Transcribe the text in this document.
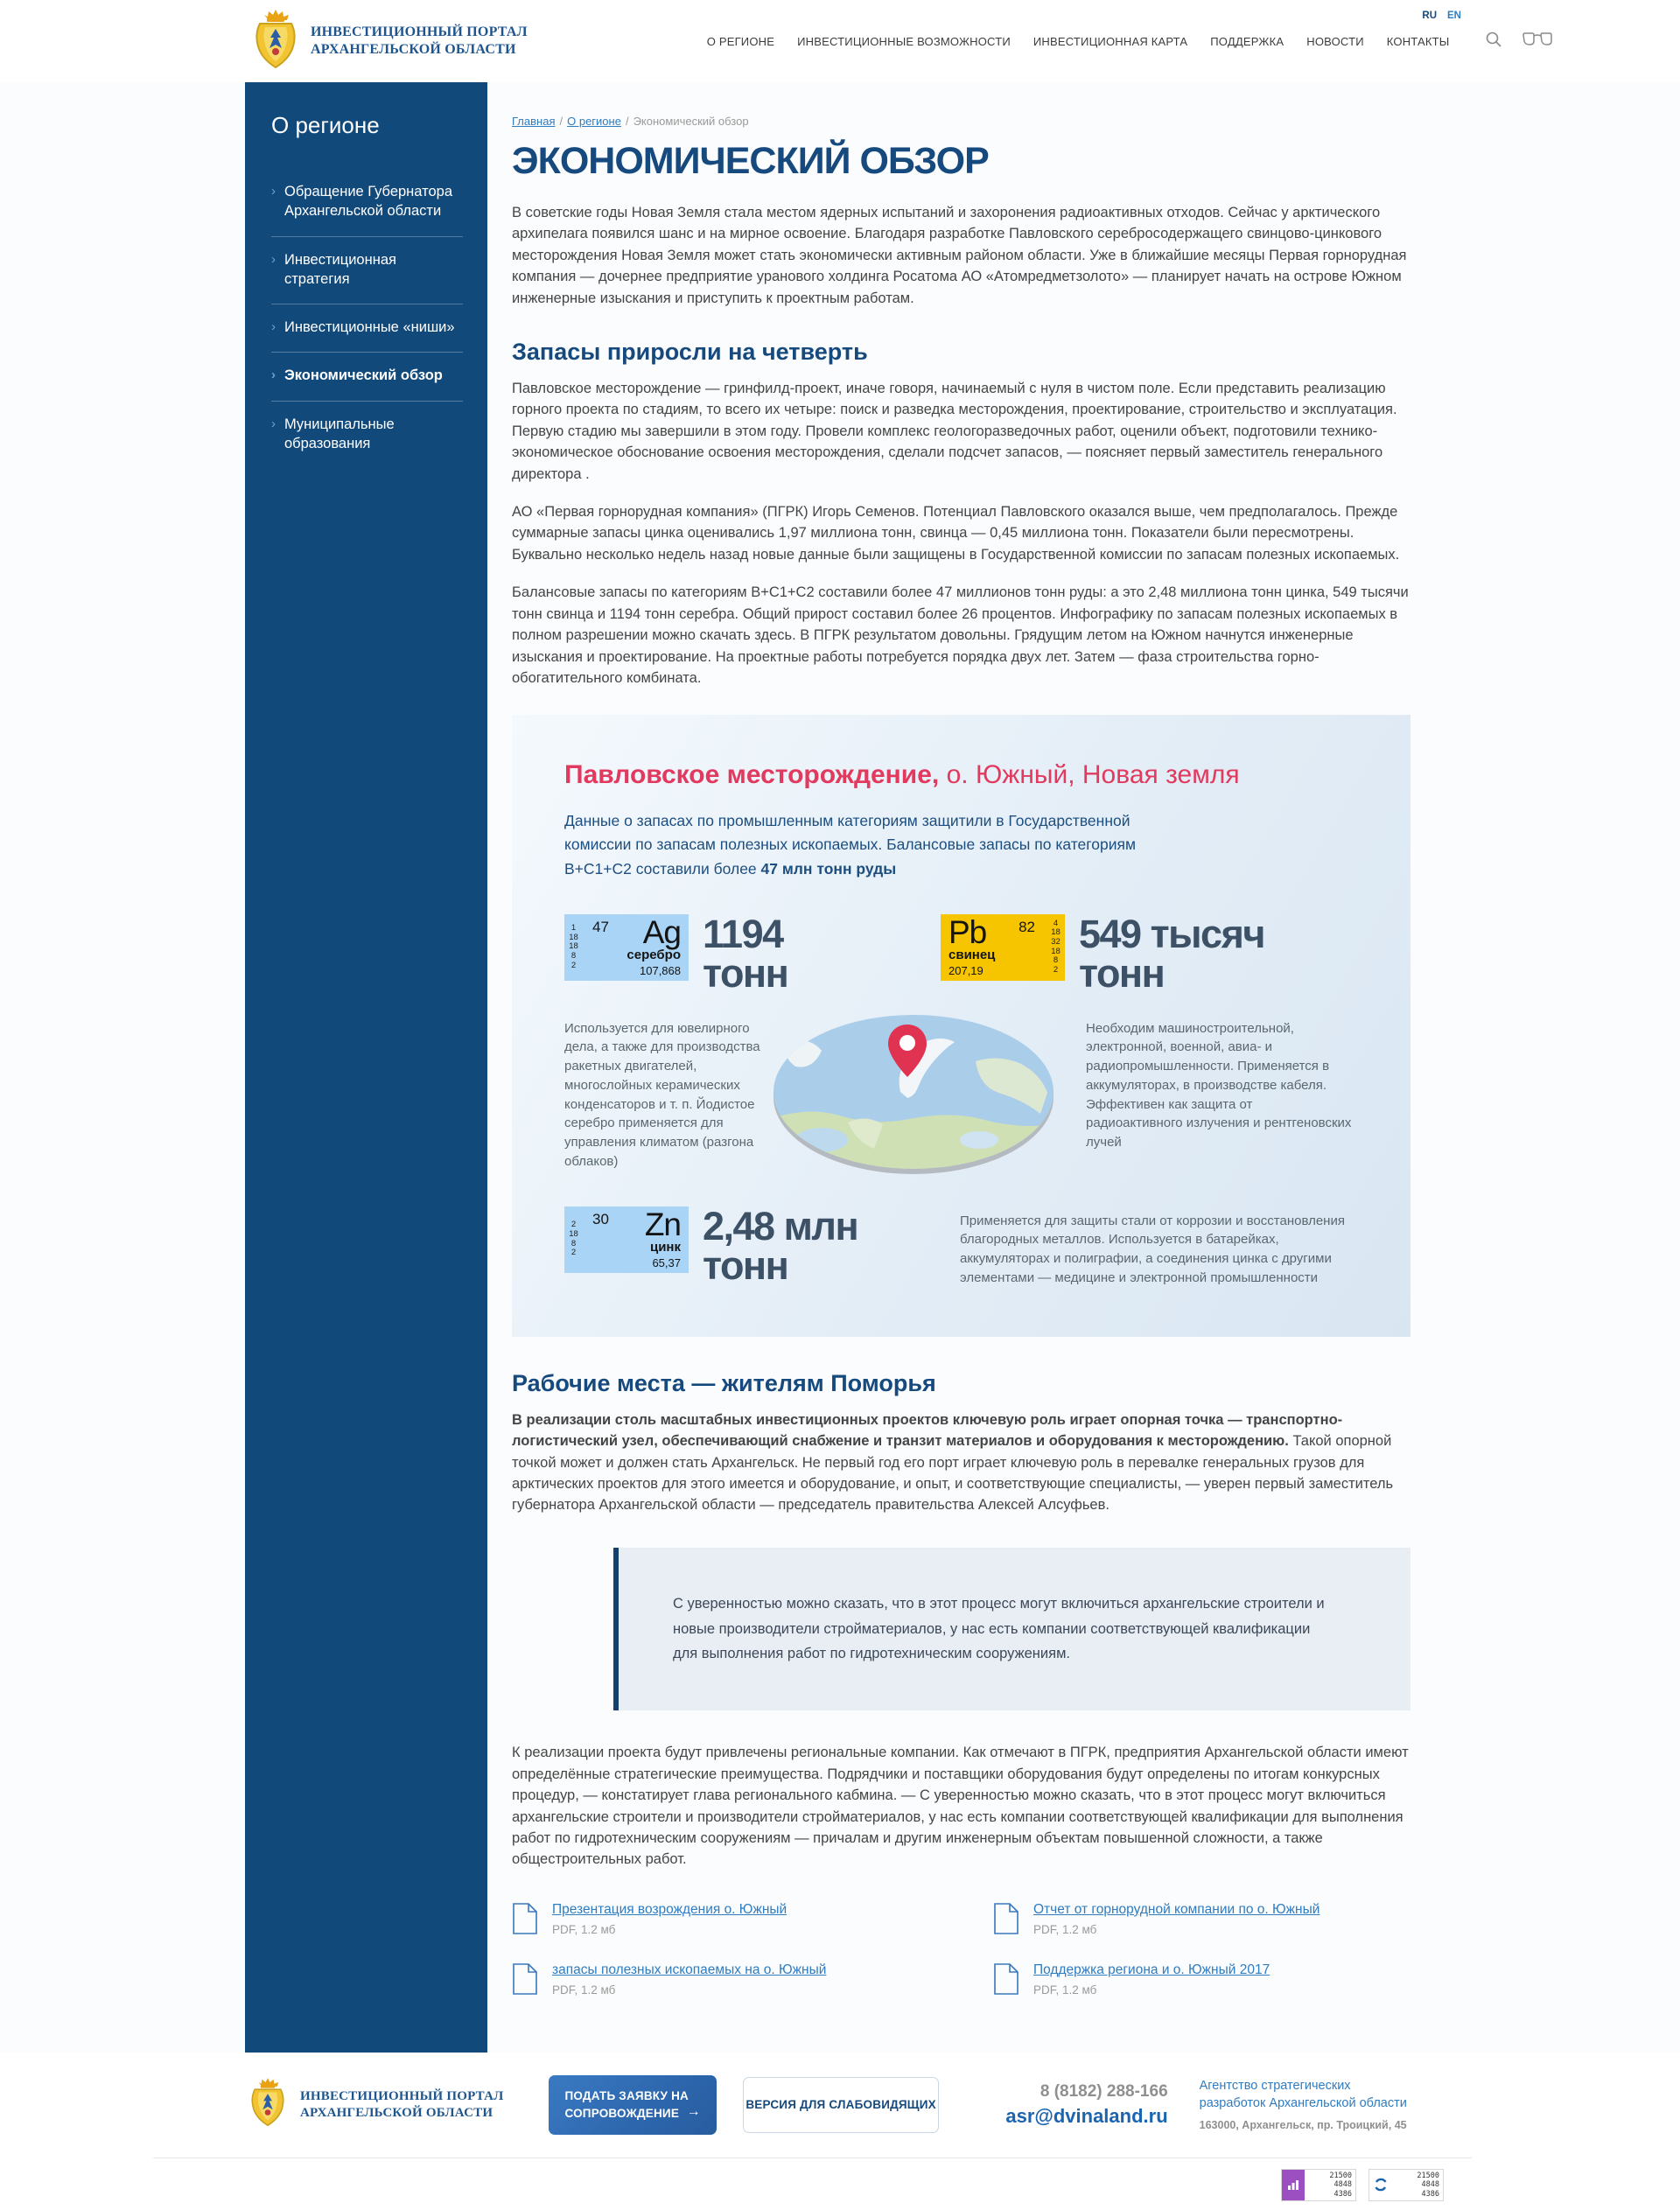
ИНВЕСТИЦИОННЫЙ ПОРТАЛ
АРХАНГЕЛЬСКОЙ ОБЛАСТИ
RU EN
О РЕГИОНЕ ИНВЕСТИЦИОННЫЕ ВОЗМОЖНОСТИ ИНВЕСТИЦИОННАЯ КАРТА ПОДДЕРЖКА НОВОСТИ КОНТАКТЫ
О регионе
› Обращение Губернатора Архангельской области
› Инвестиционная стратегия
› Инвестиционные «ниши»
› Экономический обзор
› Муниципальные образования
Главная / О регионе / Экономический обзор
ЭКОНОМИЧЕСКИЙ ОБЗОР

В советские годы Новая Земля стала местом ядерных испытаний и захоронения радиоактивных отходов. Сейчас у арктического архипелага появился шанс и на мирное освоение. Благодаря разработке Павловского серебросодержащего свинцово-цинкового месторождения Новая Земля может стать экономически активным районом области. Уже в ближайшие месяцы Первая горнорудная компания — дочернее предприятие уранового холдинга Росатома АО «Атомредметзолото» — планирует начать на острове Южном инженерные изыскания и приступить к проектным работам.

Запасы приросли на четверть

Павловское месторождение — гринфилд-проект, иначе говоря, начинаемый с нуля в чистом поле. Если представить реализацию горного проекта по стадиям, то всего их четыре: поиск и разведка месторождения, проектирование, строительство и эксплуатация. Первую стадию мы завершили в этом году. Провели комплекс геологоразведочных работ, оценили объект, подготовили технико-экономическое обоснование освоения месторождения, сделали подсчет запасов, — поясняет первый заместитель генерального директора .

АО «Первая горнорудная компания» (ПГРК) Игорь Семенов. Потенциал Павловского оказался выше, чем предполагалось. Прежде суммарные запасы цинка оценивались 1,97 миллиона тонн, свинца — 0,45 миллиона тонн. Показатели были пересмотрены. Буквально несколько недель назад новые данные были защищены в Государственной комиссии по запасам полезных ископаемых.

Балансовые запасы по категориям В+С1+С2 составили более 47 миллионов тонн руды: а это 2,48 миллиона тонн цинка, 549 тысячи тонн свинца и 1194 тонн серебра. Общий прирост составил более 26 процентов. Инфографику по запасам полезных ископаемых в полном разрешении можно скачать здесь. В ПГРК результатом довольны. Грядущим летом на Южном начнутся инженерные изыскания и проектирование. На проектные работы потребуется порядка двух лет. Затем — фаза строительства горно-обогатительного комбината.

Павловское месторождение, о. Южный, Новая земля
Данные о запасах по промышленным категориям защитили в Государственной комиссии по запасам полезных ископаемых. Балансовые запасы по категориям В+С1+С2 составили более 47 млн тонн руды
1
18
18
8
2
47 Ag
серебро
107,868
1194
тонн
4
18
32
18
8
2
82
Pb
свинец
207,19
549 тысяч
тонн
Используется для ювелирного дела, а также для производства ракетных двигателей, многослойных керамических конденсаторов и т. п. Йодистое серебро применяется для управления климатом (разгона облаков)
Необходим машиностроительной, электронной, военной, авиа- и радиопромышленности. Применяется в аккумуляторах, в производстве кабеля. Эффективен как защита от радиоактивного излучения и рентгеновских лучей
2
18
8
2
30 Zn
цинк
65,37
2,48 млн
тонн
Применяется для защиты стали от коррозии и восстановления благородных металлов. Используется в батарейках, аккумуляторах и полиграфии, а соединения цинка с другими элементами — медицине и электронной промышленности
Рабочие места — жителям Поморья

В реализации столь масштабных инвестиционных проектов ключевую роль играет опорная точка — транспортно-логистический узел, обеспечивающий снабжение и транзит материалов и оборудования к месторождению. Такой опорной точкой может и должен стать Архангельск. Не первый год его порт играет ключевую роль в перевалке генеральных грузов для арктических проектов для этого имеется и оборудование, и опыт, и соответствующие специалисты, — уверен первый заместитель губернатора Архангельской области — председатель правительства Алексей Алсуфьев.

С уверенностью можно сказать, что в этот процесс могут включиться архангельские строители и новые производители стройматериалов, у нас есть компании соответствующей квалификации для выполнения работ по гидротехническим сооружениям.

К реализации проекта будут привлечены региональные компании. Как отмечают в ПГРК, предприятия Архангельской области имеют определённые стратегические преимущества. Подрядчики и поставщики оборудования будут определены по итогам конкурсных процедур, — констатирует глава регионального кабмина. — С уверенностью можно сказать, что в этот процесс могут включиться архангельские строители и производители стройматериалов, у нас есть компании соответствующей квалификации для выполнения работ по гидротехническим сооружениям — причалам и другим инженерным объектам повышенной сложности, а также общестроительных работ.

Презентация возрождения о. Южный
PDF, 1.2 мб
Отчет от горнорудной компании по о. Южный
PDF, 1.2 мб
запасы полезных ископаемых на о. Южный
PDF, 1.2 мб
Поддержка региона и о. Южный 2017
PDF, 1.2 мб
ИНВЕСТИЦИОННЫЙ ПОРТАЛ
АРХАНГЕЛЬСКОЙ ОБЛАСТИ
ПОДАТЬ ЗАЯВКУ НА
СОПРОВОЖДЕНИЕ →	ВЕРСИЯ ДЛЯ СЛАБОВИДЯЩИХ
8 (8182) 288-166
asr@dvinaland.ru
Агентство стратегических разработок Архангельской области
163000, Архангельск, пр. Троицкий, 45
21500
4848
4386
21500
4848
4386
